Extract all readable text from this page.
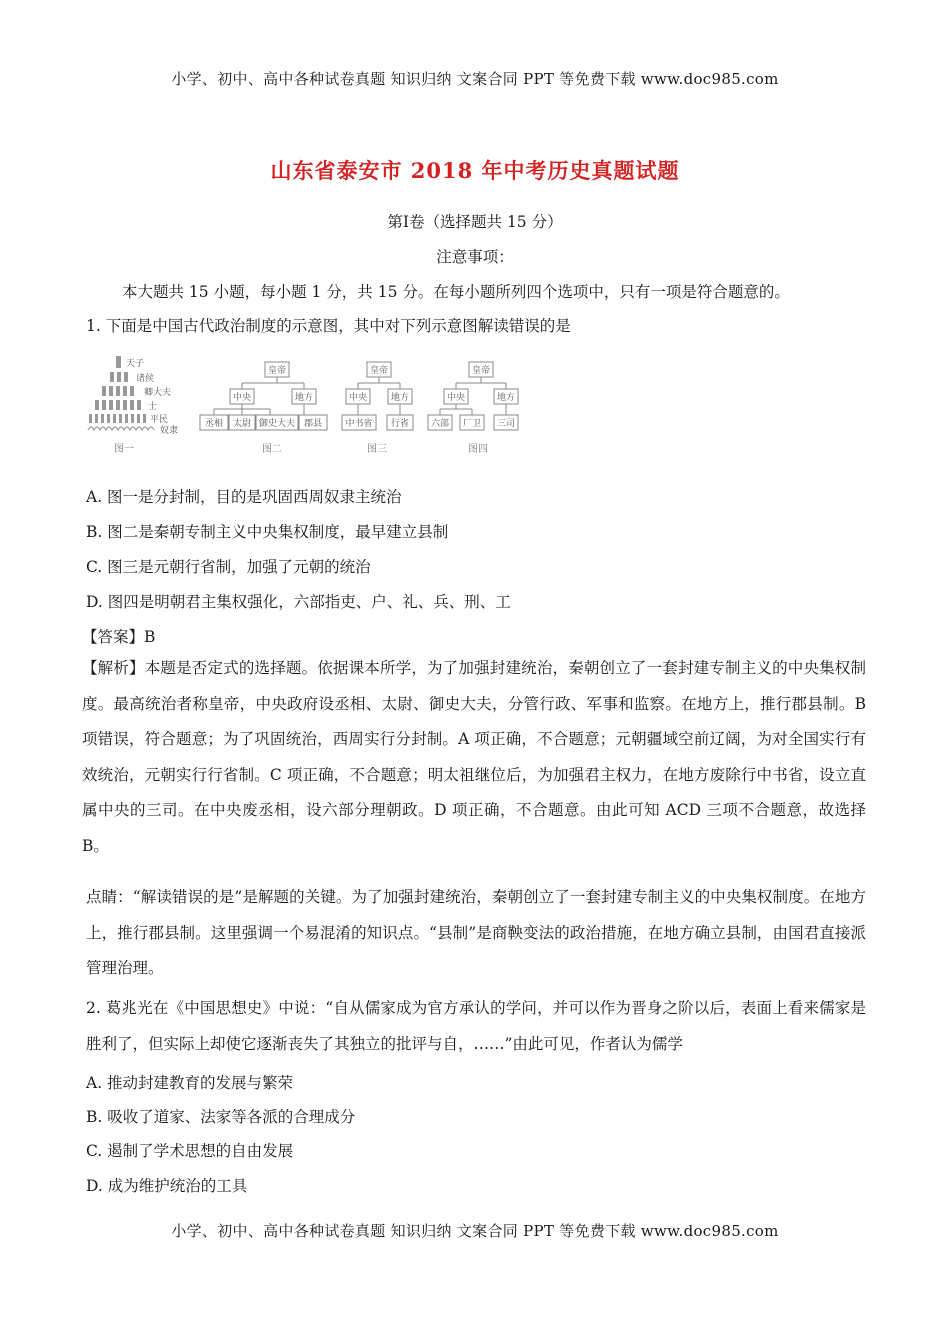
小学、初中、高中各种试卷真题 知识归纳 文案合同 PPT 等免费下载 www.doc985.com
山东省泰安市 2018 年中考历史真题试题
第Ⅰ卷（选择题共 15 分）
注意事项：
本大题共 15 小题，每小题 1 分，共 15 分。在每小题所列四个选项中，只有一项是符合题意的。
1. 下面是中国古代政治制度的示意图，其中对下列示意图解读错误的是
天子
诸侯
卿大夫
士
平民
奴隶
图一
皇帝
中央	地方
丞相 太尉 御史大夫 郡县
图二
皇帝
中央	地方
中书省 行省
图三
皇帝
中央	地方
六部 厂卫 三司
图四
A. 图一是分封制，目的是巩固西周奴隶主统治
B. 图二是秦朝专制主义中央集权制度，最早建立县制
C. 图三是元朝行省制，加强了元朝的统治
D. 图四是明朝君主集权强化，六部指吏、户、礼、兵、刑、工
【答案】B
【解析】本题是否定式的选择题。依据课本所学，为了加强封建统治，秦朝创立了一套封建专制主义的中央集权制度。最高统治者称皇帝，中央政府设丞相、太尉、御史大夫，分管行政、军事和监察。在地方上，推行郡县制。B 项错误，符合题意；为了巩固统治，西周实行分封制。A 项正确，不合题意；元朝疆域空前辽阔，为对全国实行有效统治，元朝实行行省制。C 项正确，不合题意；明太祖继位后，为加强君主权力，在地方废除行中书省，设立直属中央的三司。在中央废丞相，设六部分理朝政。D 项正确，不合题意。由此可知 ACD 三项不合题意，故选择 B。
点睛：“解读错误的是”是解题的关键。为了加强封建统治，秦朝创立了一套封建专制主义的中央集权制度。在地方上，推行郡县制。这里强调一个易混淆的知识点。“县制”是商鞅变法的政治措施，在地方确立县制，由国君直接派管理治理。
2. 葛兆光在《中国思想史》中说：“自从儒家成为官方承认的学问，并可以作为晋身之阶以后，表面上看来儒家是胜利了，但实际上却使它逐渐丧失了其独立的批评与自，……”由此可见，作者认为儒学
A. 推动封建教育的发展与繁荣
B. 吸收了道家、法家等各派的合理成分
C. 遏制了学术思想的自由发展
D. 成为维护统治的工具
小学、初中、高中各种试卷真题 知识归纳 文案合同 PPT 等免费下载 www.doc985.com
